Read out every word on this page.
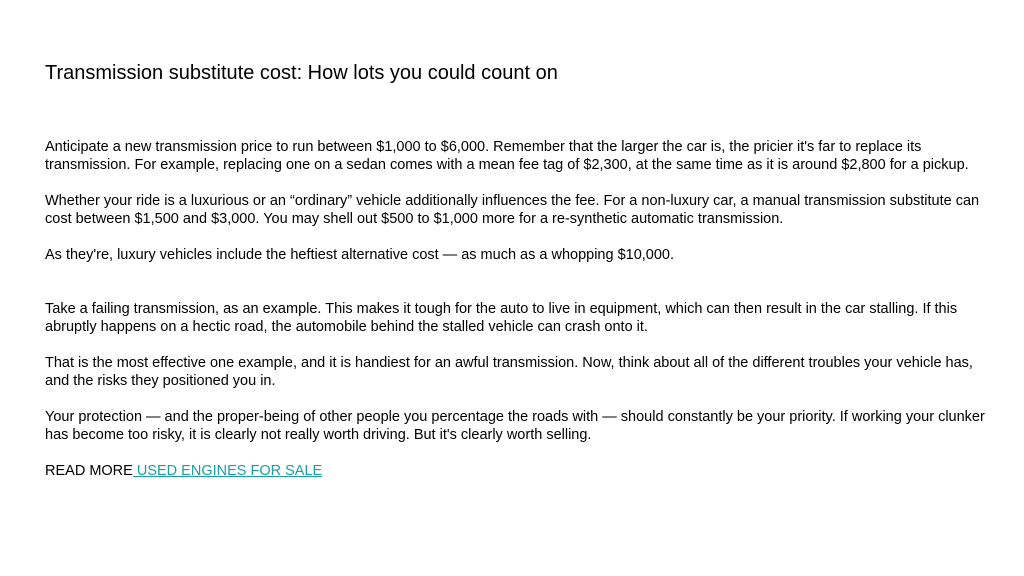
Transmission substitute cost: How lots you could count on

Anticipate a new transmission price to run between $1,000 to $6,000. Remember that the larger the car is, the pricier it's far to replace its transmission. For example, replacing one on a sedan comes with a mean fee tag of $2,300, at the same time as it is around $2,800 for a pickup.

Whether your ride is a luxurious or an “ordinary” vehicle additionally influences the fee. For a non-luxury car, a manual transmission substitute can cost between $1,500 and $3,000. You may shell out $500 to $1,000 more for a re-synthetic automatic transmission.

As they're, luxury vehicles include the heftiest alternative cost — as much as a whopping $10,000.

Take a failing transmission, as an example. This makes it tough for the auto to live in equipment, which can then result in the car stalling. If this abruptly happens on a hectic road, the automobile behind the stalled vehicle can crash onto it.

That is the most effective one example, and it is handiest for an awful transmission. Now, think about all of the different troubles your vehicle has, and the risks they positioned you in.

Your protection — and the proper-being of other people you percentage the roads with — should constantly be your priority. If working your clunker has become too risky, it is clearly not really worth driving. But it's clearly worth selling.

READ MORE USED ENGINES FOR SALE
